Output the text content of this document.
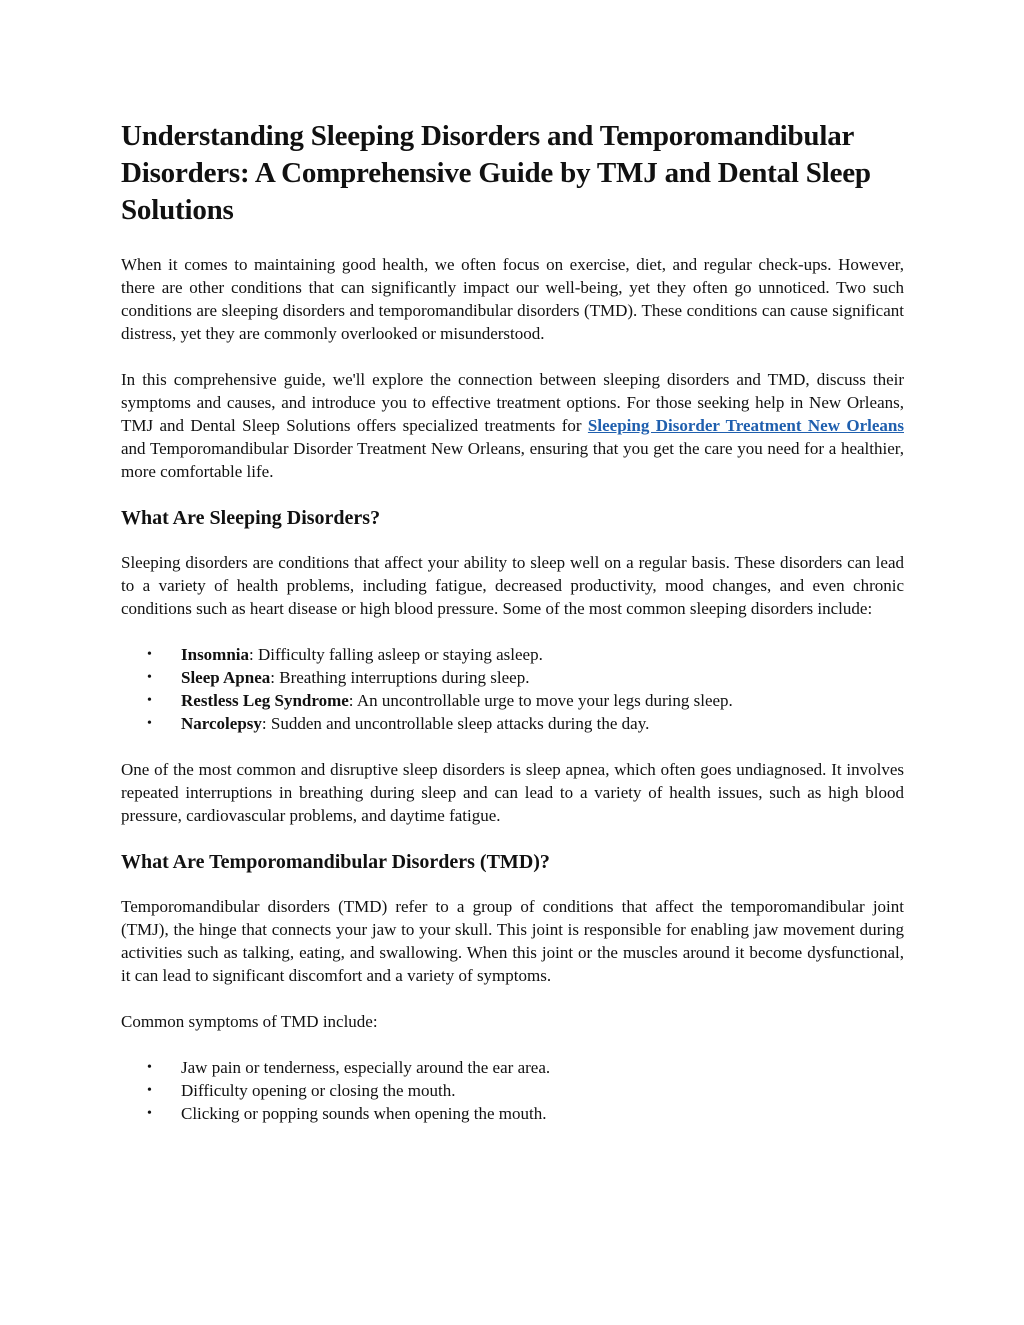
Understanding Sleeping Disorders and Temporomandibular Disorders: A Comprehensive Guide by TMJ and Dental Sleep Solutions

When it comes to maintaining good health, we often focus on exercise, diet, and regular check-ups. However, there are other conditions that can significantly impact our well-being, yet they often go unnoticed. Two such conditions are sleeping disorders and temporomandibular disorders (TMD). These conditions can cause significant distress, yet they are commonly overlooked or misunderstood.

In this comprehensive guide, we'll explore the connection between sleeping disorders and TMD, discuss their symptoms and causes, and introduce you to effective treatment options. For those seeking help in New Orleans, TMJ and Dental Sleep Solutions offers specialized treatments for Sleeping Disorder Treatment New Orleans and Temporomandibular Disorder Treatment New Orleans, ensuring that you get the care you need for a healthier, more comfortable life.

What Are Sleeping Disorders?

Sleeping disorders are conditions that affect your ability to sleep well on a regular basis. These disorders can lead to a variety of health problems, including fatigue, decreased productivity, mood changes, and even chronic conditions such as heart disease or high blood pressure. Some of the most common sleeping disorders include:

• Insomnia: Difficulty falling asleep or staying asleep.
• Sleep Apnea: Breathing interruptions during sleep.
• Restless Leg Syndrome: An uncontrollable urge to move your legs during sleep.
• Narcolepsy: Sudden and uncontrollable sleep attacks during the day.

One of the most common and disruptive sleep disorders is sleep apnea, which often goes undiagnosed. It involves repeated interruptions in breathing during sleep and can lead to a variety of health issues, such as high blood pressure, cardiovascular problems, and daytime fatigue.

What Are Temporomandibular Disorders (TMD)?

Temporomandibular disorders (TMD) refer to a group of conditions that affect the temporomandibular joint (TMJ), the hinge that connects your jaw to your skull. This joint is responsible for enabling jaw movement during activities such as talking, eating, and swallowing. When this joint or the muscles around it become dysfunctional, it can lead to significant discomfort and a variety of symptoms.

Common symptoms of TMD include:

• Jaw pain or tenderness, especially around the ear area.
• Difficulty opening or closing the mouth.
• Clicking or popping sounds when opening the mouth.
